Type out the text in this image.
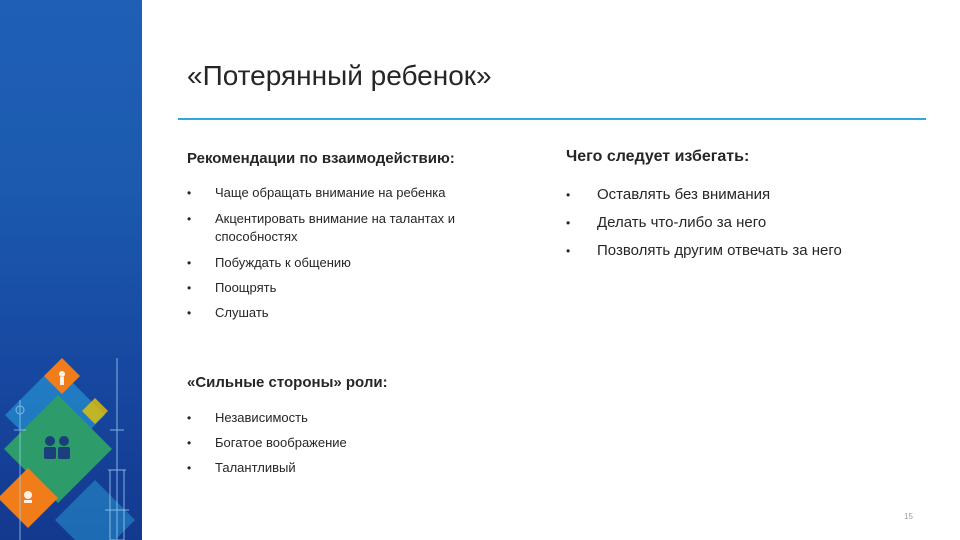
«Потерянный ребенок»
Рекомендации по взаимодействию:
• Чаще обращать внимание на ребенка
• Акцентировать внимание на талантах и способностях
• Побуждать к общению
• Поощрять
• Слушать
«Сильные стороны» роли:
• Независимость
• Богатое воображение
• Талантливый
Чего следует избегать:
• Оставлять без внимания
• Делать что-либо за него
• Позволять другим отвечать за него
15
